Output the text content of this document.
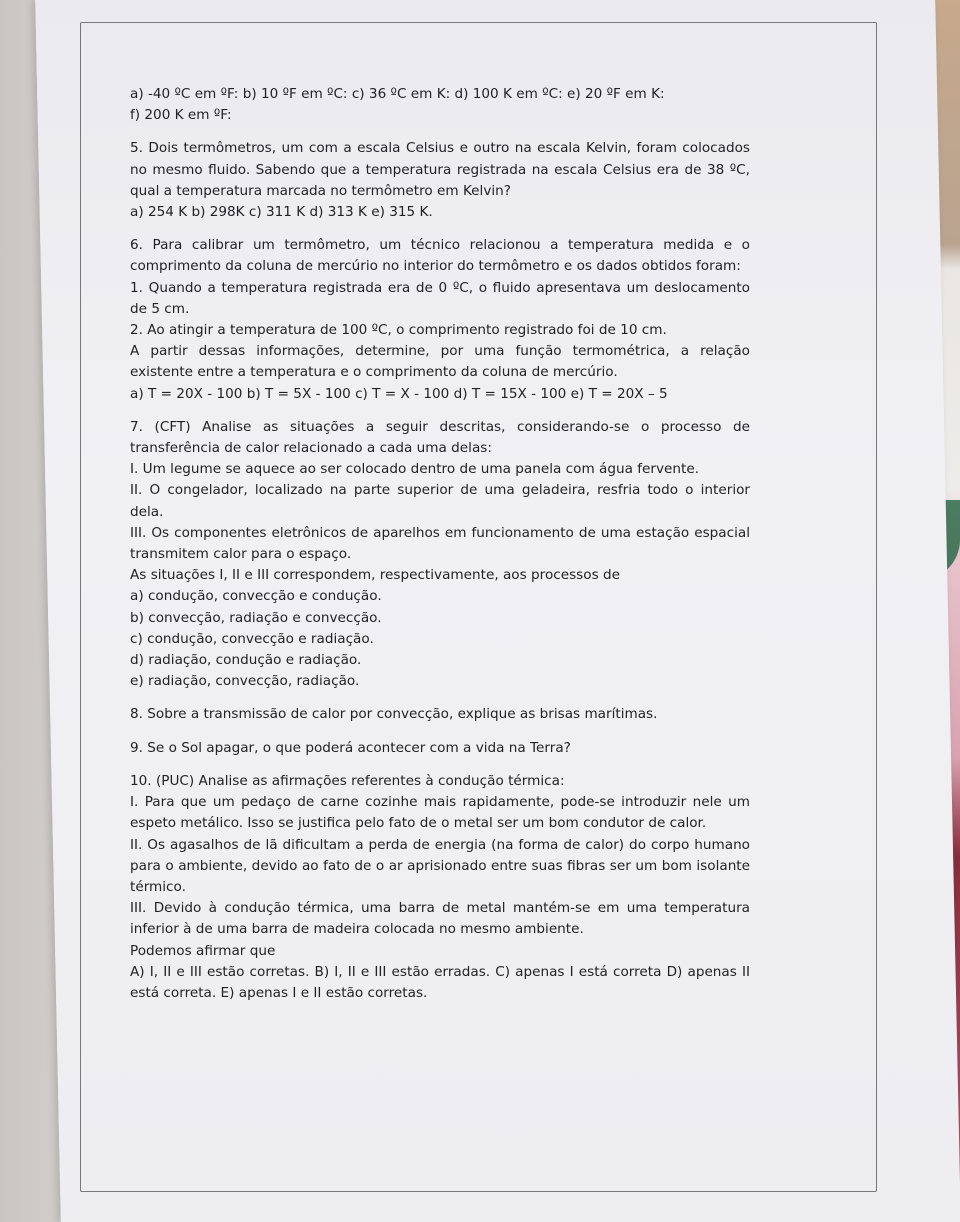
a) -40 ºC em ºF: b) 10 ºF em ºC: c) 36 ºC em K: d) 100 K em ºC: e) 20 ºF em K:

f) 200 K em ºF:

5. Dois termômetros, um com a escala Celsius e outro na escala Kelvin, foram colocados no mesmo fluido. Sabendo que a temperatura registrada na escala Celsius era de 38 ºC, qual a temperatura marcada no termômetro em Kelvin?

a) 254 K b) 298K c) 311 K d) 313 K e) 315 K.

6. Para calibrar um termômetro, um técnico relacionou a temperatura medida e o comprimento da coluna de mercúrio no interior do termômetro e os dados obtidos foram:

1. Quando a temperatura registrada era de 0 ºC, o fluido apresentava um deslocamento de 5 cm.

2. Ao atingir a temperatura de 100 ºC, o comprimento registrado foi de 10 cm.

A partir dessas informações, determine, por uma função termométrica, a relação existente entre a temperatura e o comprimento da coluna de mercúrio.

a) T = 20X - 100 b) T = 5X - 100 c) T = X - 100 d) T = 15X - 100 e) T = 20X – 5

7. (CFT) Analise as situações a seguir descritas, considerando-se o processo de transferência de calor relacionado a cada uma delas:

I. Um legume se aquece ao ser colocado dentro de uma panela com água fervente.

II. O congelador, localizado na parte superior de uma geladeira, resfria todo o interior dela.

III. Os componentes eletrônicos de aparelhos em funcionamento de uma estação espacial transmitem calor para o espaço.

As situações I, II e III correspondem, respectivamente, aos processos de

a) condução, convecção e condução.

b) convecção, radiação e convecção.

c) condução, convecção e radiação.

d) radiação, condução e radiação.

e) radiação, convecção, radiação.

8. Sobre a transmissão de calor por convecção, explique as brisas marítimas.

9. Se o Sol apagar, o que poderá acontecer com a vida na Terra?

10. (PUC) Analise as afirmações referentes à condução térmica:

I. Para que um pedaço de carne cozinhe mais rapidamente, pode-se introduzir nele um espeto metálico. Isso se justifica pelo fato de o metal ser um bom condutor de calor.

II. Os agasalhos de lã dificultam a perda de energia (na forma de calor) do corpo humano para o ambiente, devido ao fato de o ar aprisionado entre suas fibras ser um bom isolante térmico.

III. Devido à condução térmica, uma barra de metal mantém-se em uma temperatura inferior à de uma barra de madeira colocada no mesmo ambiente.

Podemos afirmar que

A) I, II e III estão corretas. B) I, II e III estão erradas. C) apenas I está correta D) apenas II está correta. E) apenas I e II estão corretas.
